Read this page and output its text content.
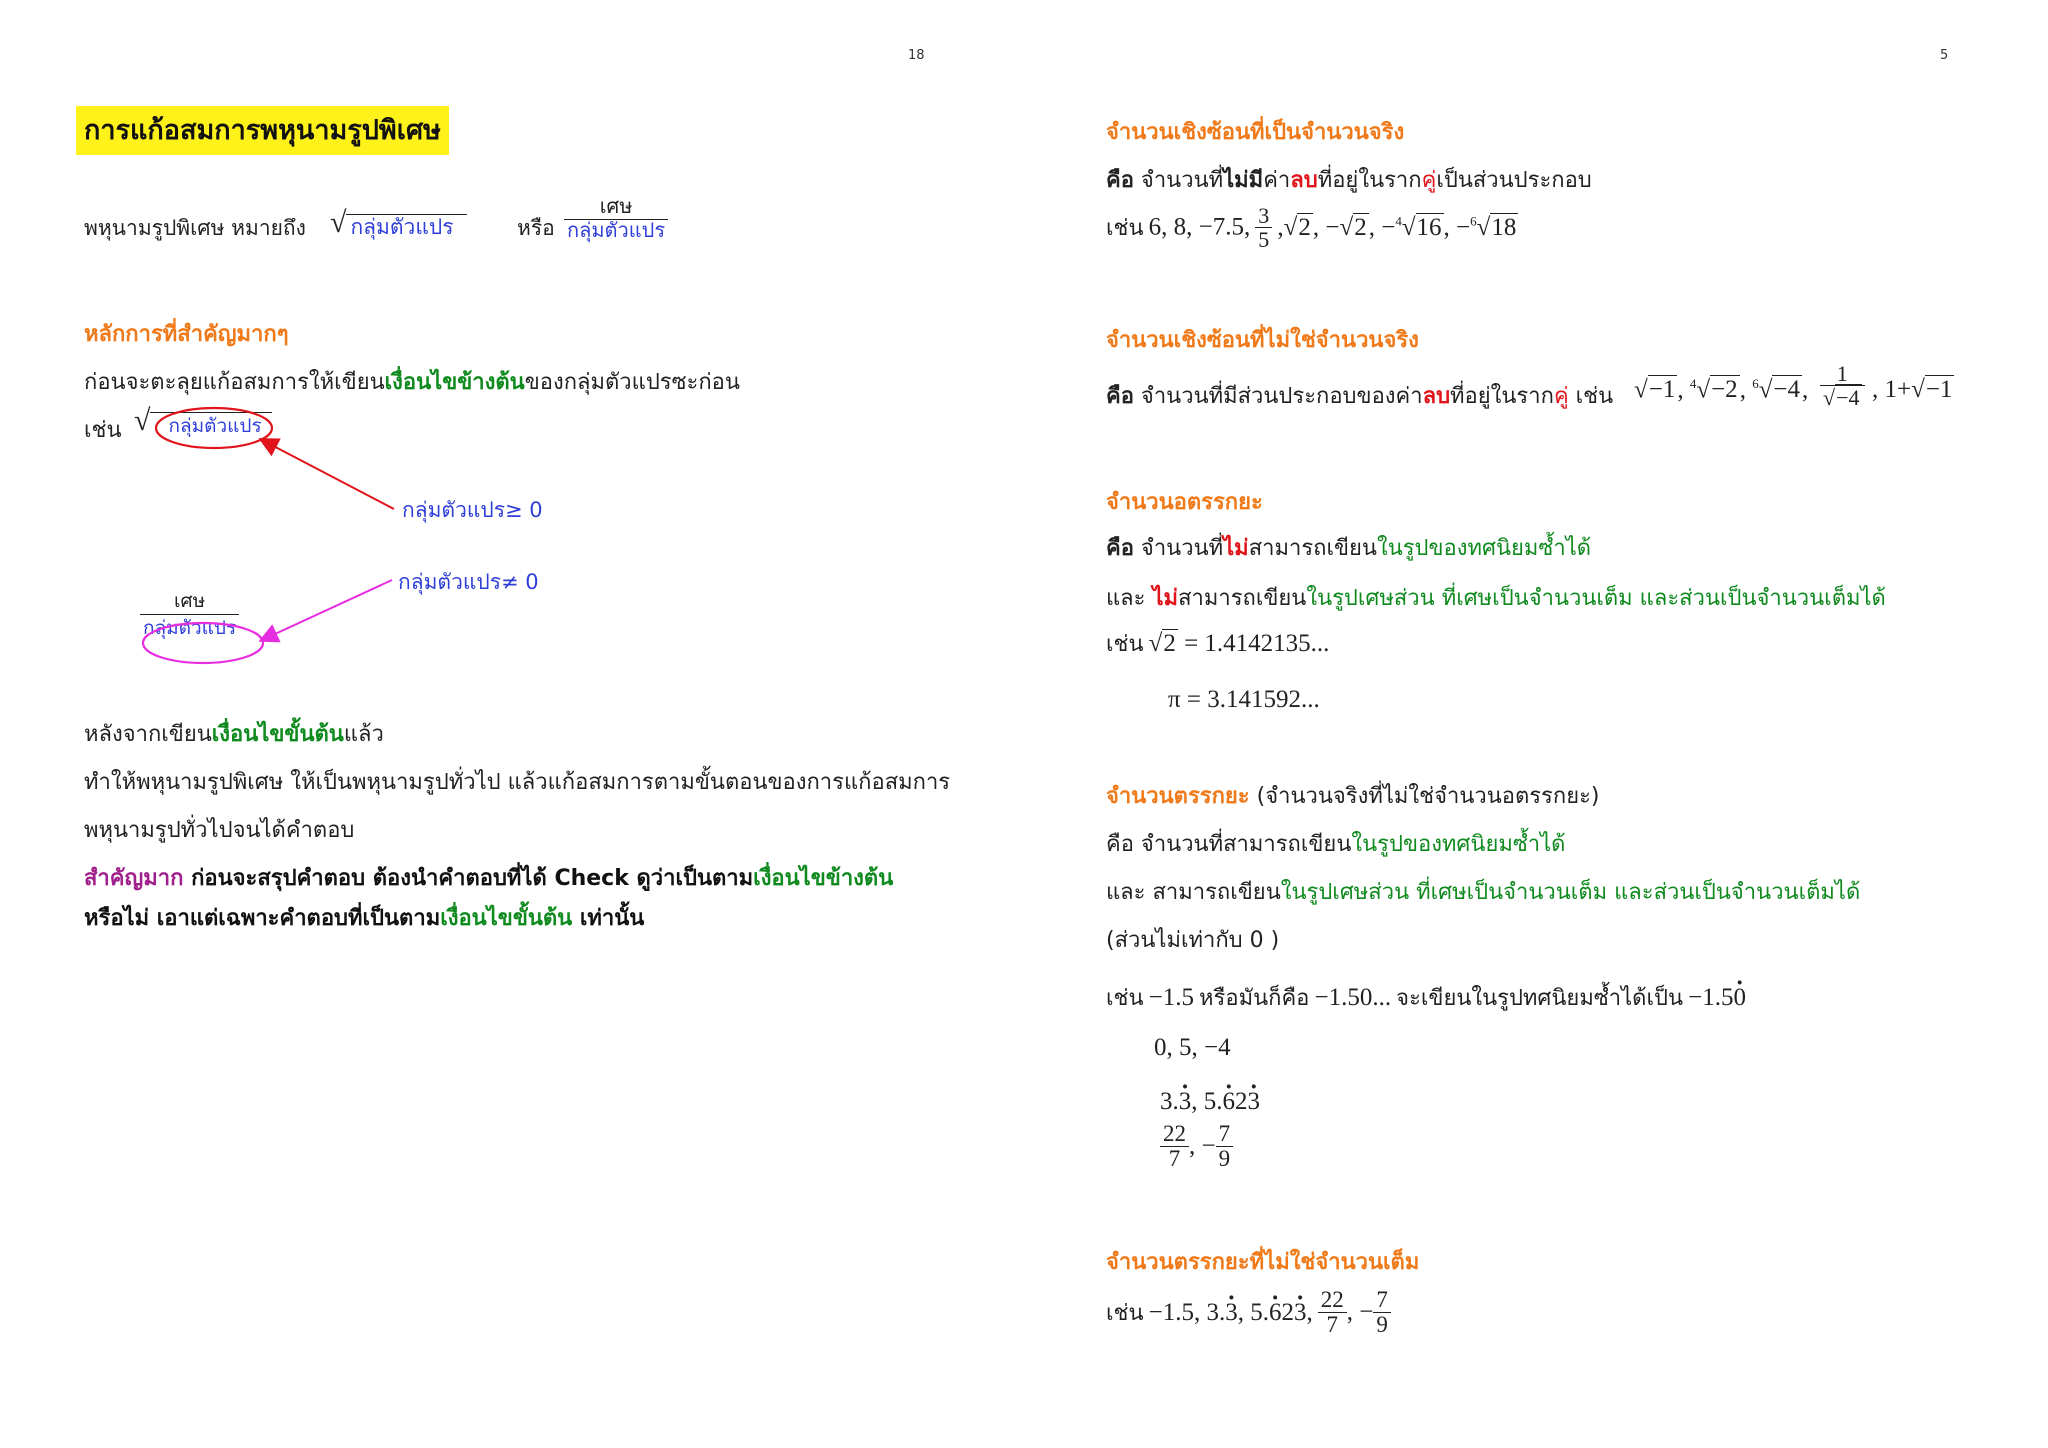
18
การแก้อสมการพหุนามรูปพิเศษ
พหุนามรูปพิเศษ หมายถึง √ กลุ่มตัวแปร	หรือ
เศษ
กลุ่มตัวแปร
หลักการที่สำคัญมากๆ
ก่อนจะตะลุยแก้อสมการให้เขียนเงื่อนไขข้างต้นของกลุ่มตัวแปรซะก่อน
เช่น √ กลุ่มตัวแปร
กลุ่มตัวแปร≥ 0
กลุ่มตัวแปร≠ 0
เศษ
กลุ่มตัวแปร
หลังจากเขียนเงื่อนไขขั้นต้นแล้ว
ทำให้พหุนามรูปพิเศษ ให้เป็นพหุนามรูปทั่วไป แล้วแก้อสมการตามขั้นตอนของการแก้อสมการ
พหุนามรูปทั่วไปจนได้คำตอบ
สำคัญมาก ก่อนจะสรุปคำตอบ ต้องนำคำตอบที่ได้ Check ดูว่าเป็นตามเงื่อนไขข้างต้น
หรือไม่ เอาแต่เฉพาะคำตอบที่เป็นตามเงื่อนไขขั้นต้น เท่านั้น
5
จำนวนเชิงซ้อนที่เป็นจำนวนจริง
คือ จำนวนที่ไม่มีค่าลบที่อยู่ในรากคู่เป็นส่วนประกอบ
เช่น 6, 8, −7.5, $\frac{3}{5} ,√2$, −√2, −$^4$√16, −$^6$√18
จำนวนเชิงซ้อนที่ไม่ใช่จำนวนจริง
คือ จำนวนที่มีส่วนประกอบของค่าลบที่อยู่ในรากคู่ เช่น √−1, $^4$√−2, $^6$√−4, $\frac{1}{√-4}$ , 1+√−1
จำนวนอตรรกยะ
คือ จำนวนที่ไม่สามารถเขียนในรูปของทศนิยมซ้ำได้
และ ไม่สามารถเขียนในรูปเศษส่วน ที่เศษเป็นจำนวนเต็ม และส่วนเป็นจำนวนเต็มได้
เช่น √2 = 1.4142135...
π = 3.141592...
จำนวนตรรกยะ (จำนวนจริงที่ไม่ใช่จำนวนอตรรกยะ)
คือ จำนวนที่สามารถเขียนในรูปของทศนิยมซ้ำได้
และ สามารถเขียนในรูปเศษส่วน ที่เศษเป็นจำนวนเต็ม และส่วนเป็นจำนวนเต็มได้
(ส่วนไม่เท่ากับ 0 )
เช่น −1.5 หรือมันก็คือ −1.50... จะเขียนในรูปทศนิยมซ้ำได้เป็น −1.5· 0
0, 5, −4
3.· 3, 5.· 62· 3
$\frac{22}{7}$ , − $\frac{7}{9}$
จำนวนตรรกยะที่ไม่ใช่จำนวนเต็ม
เช่น −1.5, 3.· 3, 5.· 62· 3, $\frac{22}{7}$ , − $\frac{7}{9}$
